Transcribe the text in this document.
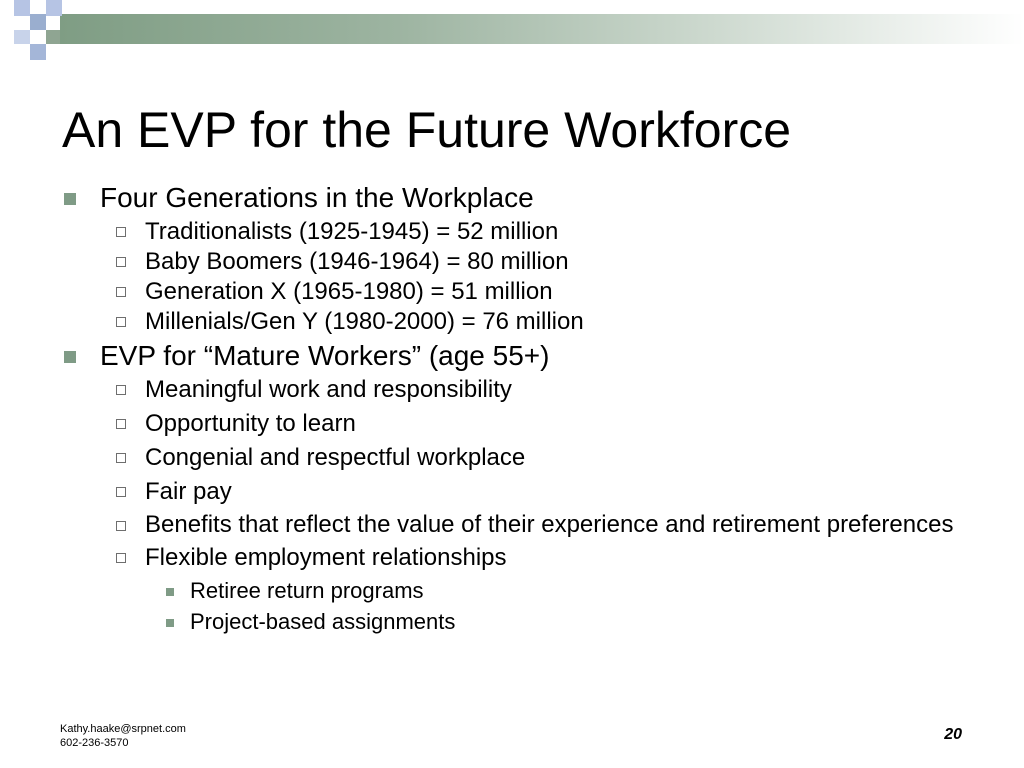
An EVP for the Future Workforce
Four Generations in the Workplace
Traditionalists (1925-1945) = 52 million
Baby Boomers (1946-1964) = 80 million
Generation X (1965-1980) = 51 million
Millenials/Gen Y (1980-2000) = 76 million
EVP for “Mature Workers” (age 55+)
Meaningful work and responsibility
Opportunity to learn
Congenial and respectful workplace
Fair pay
Benefits that reflect the value of their experience and retirement preferences
Flexible employment relationships
Retiree return programs
Project-based assignments
Kathy.haake@srpnet.com
602-236-3570	20
